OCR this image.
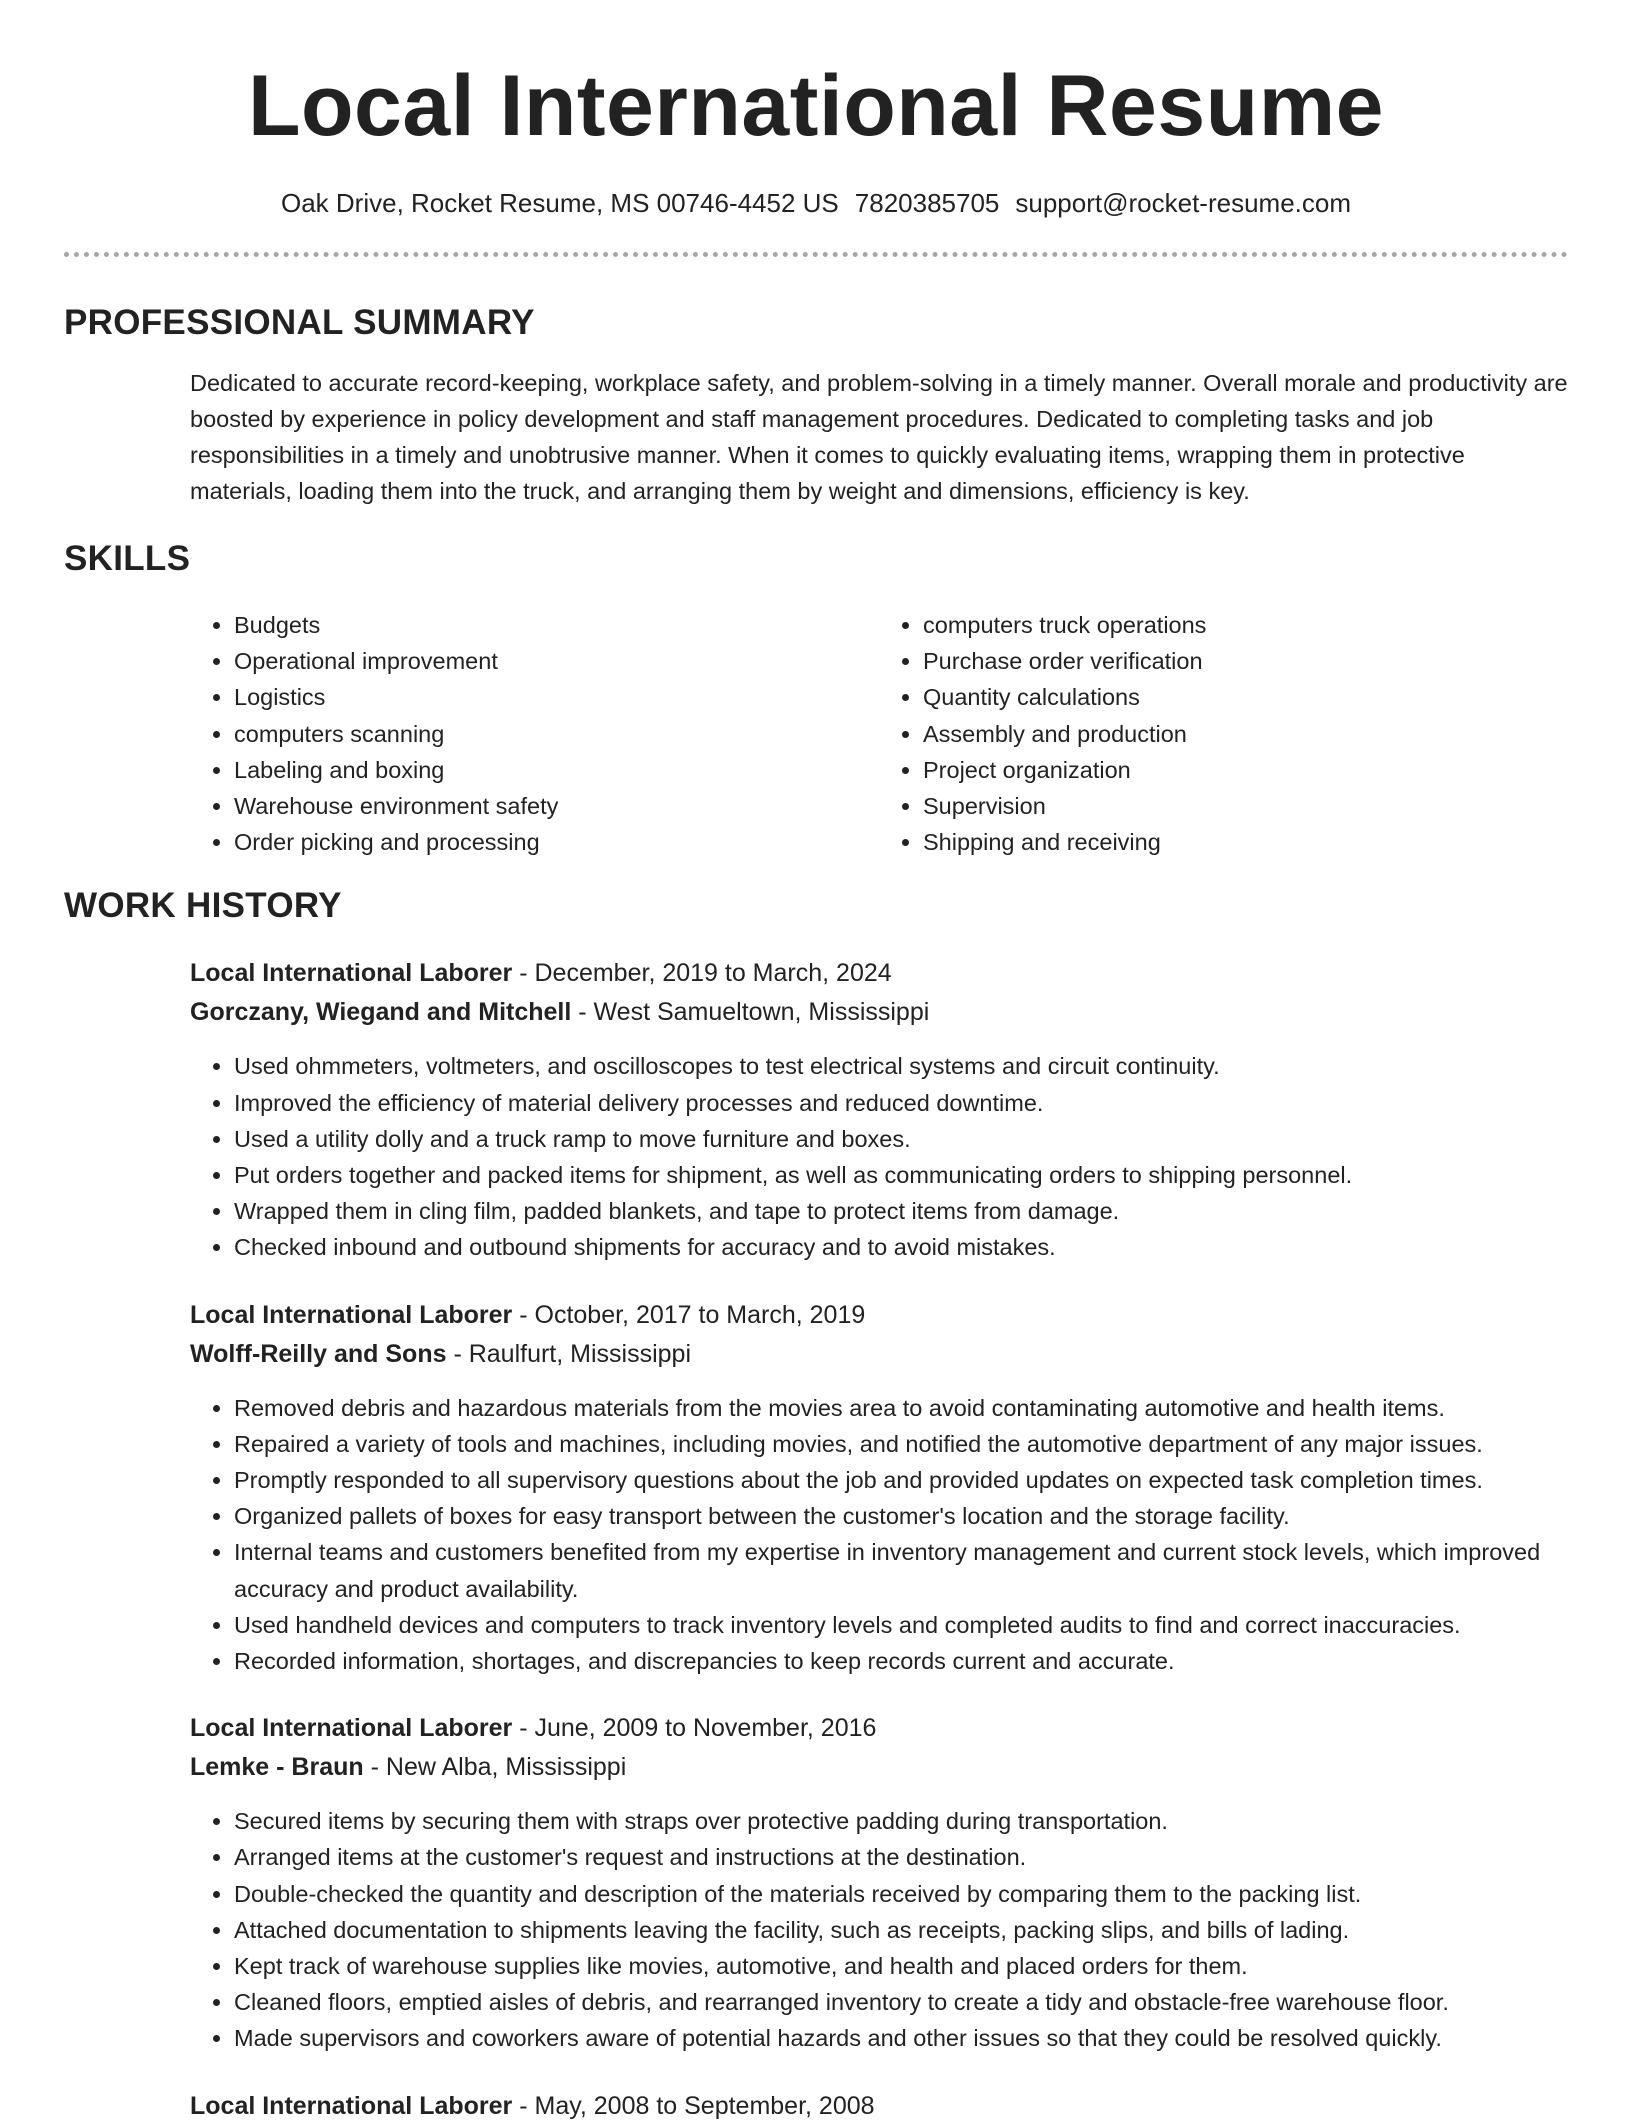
Local International Resume
Oak Drive, Rocket Resume, MS 00746-4452 US 7820385705 support@rocket-resume.com
PROFESSIONAL SUMMARY

Dedicated to accurate record-keeping, workplace safety, and problem-solving in a timely manner. Overall morale and productivity are boosted by experience in policy development and staff management procedures. Dedicated to completing tasks and job responsibilities in a timely and unobtrusive manner. When it comes to quickly evaluating items, wrapping them in protective materials, loading them into the truck, and arranging them by weight and dimensions, efficiency is key.

SKILLS
• Budgets
• Operational improvement
• Logistics
• computers scanning
• Labeling and boxing
• Warehouse environment safety
• Order picking and processing
• computers truck operations
• Purchase order verification
• Quantity calculations
• Assembly and production
• Project organization
• Supervision
• Shipping and receiving
WORK HISTORY
Local International Laborer - December, 2019 to March, 2024
Gorczany, Wiegand and Mitchell - West Samueltown, Mississippi
• Used ohmmeters, voltmeters, and oscilloscopes to test electrical systems and circuit continuity.
• Improved the efficiency of material delivery processes and reduced downtime.
• Used a utility dolly and a truck ramp to move furniture and boxes.
• Put orders together and packed items for shipment, as well as communicating orders to shipping personnel.
• Wrapped them in cling film, padded blankets, and tape to protect items from damage.
• Checked inbound and outbound shipments for accuracy and to avoid mistakes.
Local International Laborer - October, 2017 to March, 2019
Wolff-Reilly and Sons - Raulfurt, Mississippi
• Removed debris and hazardous materials from the movies area to avoid contaminating automotive and health items.
• Repaired a variety of tools and machines, including movies, and notified the automotive department of any major issues.
• Promptly responded to all supervisory questions about the job and provided updates on expected task completion times.
• Organized pallets of boxes for easy transport between the customer's location and the storage facility.
• Internal teams and customers benefited from my expertise in inventory management and current stock levels, which improved accuracy and product availability.
• Used handheld devices and computers to track inventory levels and completed audits to find and correct inaccuracies.
• Recorded information, shortages, and discrepancies to keep records current and accurate.
Local International Laborer - June, 2009 to November, 2016
Lemke - Braun - New Alba, Mississippi
• Secured items by securing them with straps over protective padding during transportation.
• Arranged items at the customer's request and instructions at the destination.
• Double-checked the quantity and description of the materials received by comparing them to the packing list.
• Attached documentation to shipments leaving the facility, such as receipts, packing slips, and bills of lading.
• Kept track of warehouse supplies like movies, automotive, and health and placed orders for them.
• Cleaned floors, emptied aisles of debris, and rearranged inventory to create a tidy and obstacle-free warehouse floor.
• Made supervisors and coworkers aware of potential hazards and other issues so that they could be resolved quickly.
Local International Laborer - May, 2008 to September, 2008
